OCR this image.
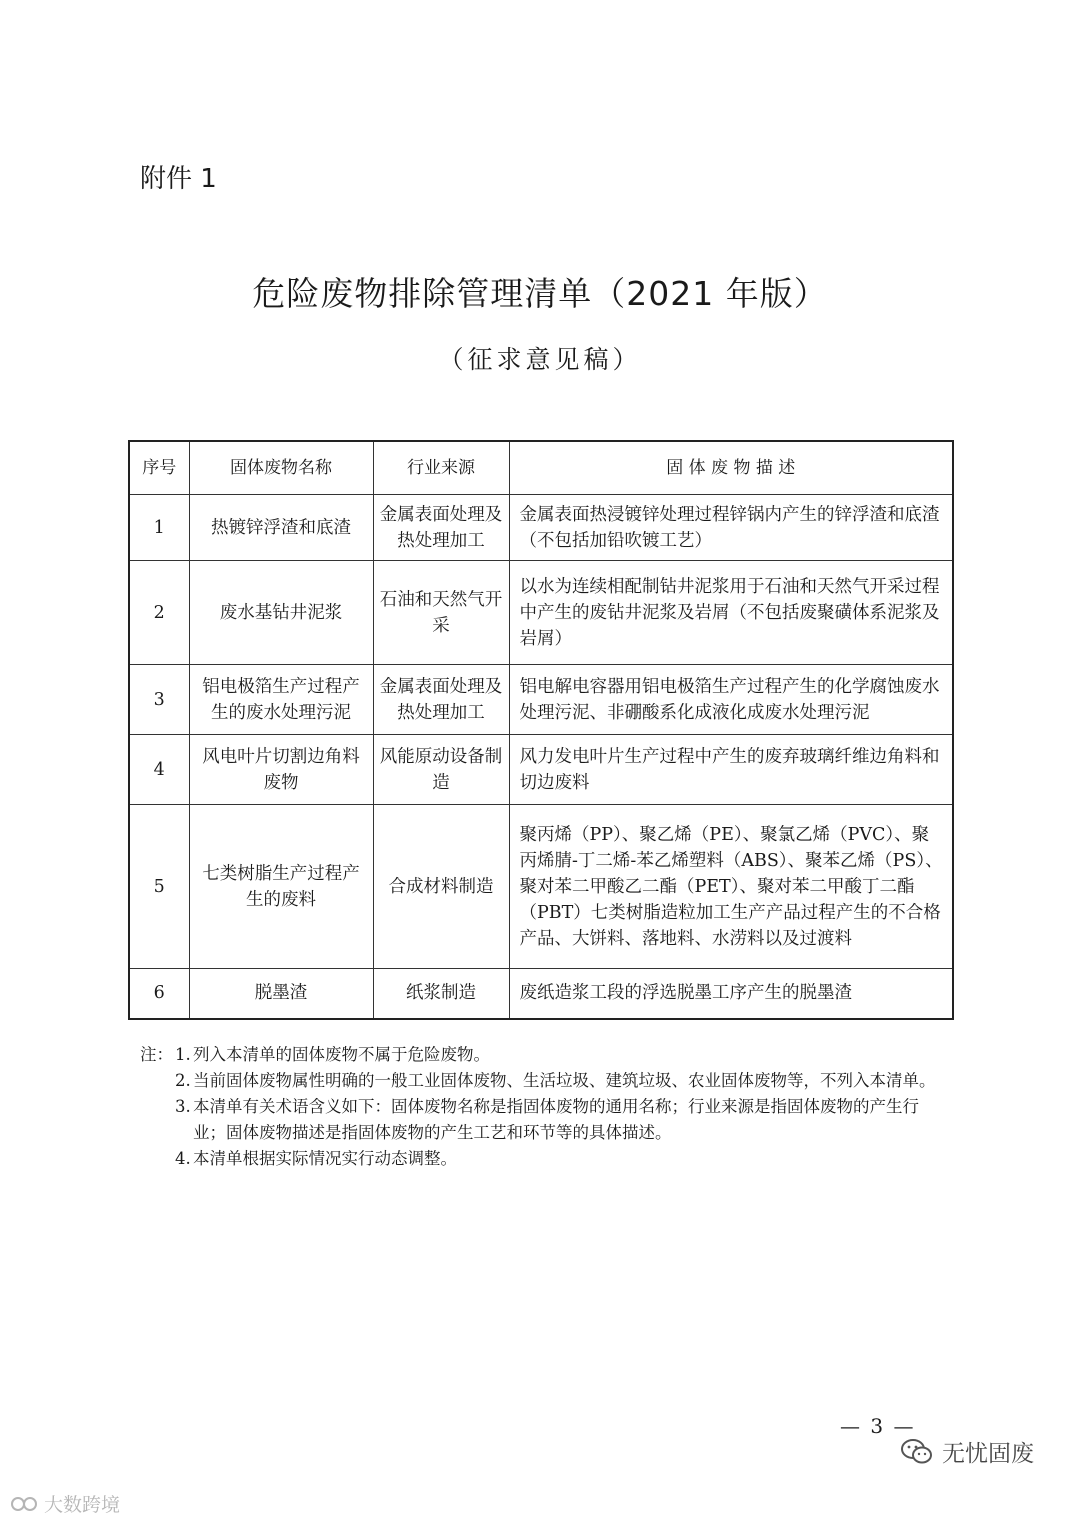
附件 1
危险废物排除管理清单（2021 年版）
（征求意见稿）
序号	固体废物名称	行业来源	固 体 废 物 描 述
1	热镀锌浮渣和底渣	金属表面处理及热处理加工	金属表面热浸镀锌处理过程锌锅内产生的锌浮渣和底渣（不包括加铅吹镀工艺）
2	废水基钻井泥浆	石油和天然气开采	以水为连续相配制钻井泥浆用于石油和天然气开采过程中产生的废钻井泥浆及岩屑（不包括废聚磺体系泥浆及岩屑）
3	铝电极箔生产过程产生的废水处理污泥	金属表面处理及热处理加工	铝电解电容器用铝电极箔生产过程产生的化学腐蚀废水处理污泥、非硼酸系化成液化成废水处理污泥
4	风电叶片切割边角料废物	风能原动设备制造	风力发电叶片生产过程中产生的废弃玻璃纤维边角料和切边废料
5	七类树脂生产过程产生的废料	合成材料制造	聚丙烯（PP）、聚乙烯（PE）、聚氯乙烯（PVC）、聚丙烯腈-丁二烯-苯乙烯塑料（ABS）、聚苯乙烯（PS）、聚对苯二甲酸乙二酯（PET）、聚对苯二甲酸丁二酯（PBT）七类树脂造粒加工生产产品过程产生的不合格产品、大饼料、落地料、水涝料以及过渡料
6	脱墨渣	纸浆制造	废纸造浆工段的浮选脱墨工序产生的脱墨渣
注： 1. 列入本清单的固体废物不属于危险废物。
2. 当前固体废物属性明确的一般工业固体废物、生活垃圾、建筑垃圾、农业固体废物等，不列入本清单。
3. 本清单有关术语含义如下：固体废物名称是指固体废物的通用名称；行业来源是指固体废物的产生行业；固体废物描述是指固体废物的产生工艺和环节等的具体描述。
4. 本清单根据实际情况实行动态调整。
— 3 —
大数跨境
无忧固废
